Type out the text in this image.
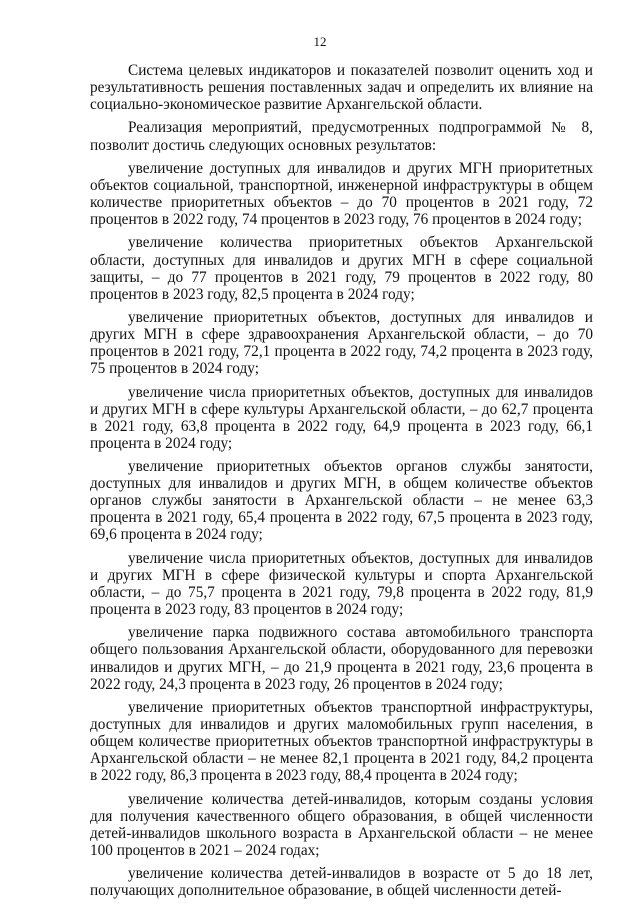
12

Система целевых индикаторов и показателей позволит оценить ход и результативность решения поставленных задач и определить их влияние на социально-экономическое развитие Архангельской области.

Реализация мероприятий, предусмотренных подпрограммой № 8, позволит достичь следующих основных результатов:

увеличение доступных для инвалидов и других МГН приоритетных объектов социальной, транспортной, инженерной инфраструктуры в общем количестве приоритетных объектов – до 70 процентов в 2021 году, 72 процентов в 2022 году, 74 процентов в 2023 году, 76 процентов в 2024 году;

увеличение количества приоритетных объектов Архангельской области, доступных для инвалидов и других МГН в сфере социальной защиты, – до 77 процентов в 2021 году, 79 процентов в 2022 году, 80 процентов в 2023 году, 82,5 процента в 2024 году;

увеличение приоритетных объектов, доступных для инвалидов и других МГН в сфере здравоохранения Архангельской области, – до 70 процентов в 2021 году, 72,1 процента в 2022 году, 74,2 процента в 2023 году, 75 процентов в 2024 году;

увеличение числа приоритетных объектов, доступных для инвалидов и других МГН в сфере культуры Архангельской области, – до 62,7 процента в 2021 году, 63,8 процента в 2022 году, 64,9 процента в 2023 году, 66,1 процента в 2024 году;

увеличение приоритетных объектов органов службы занятости, доступных для инвалидов и других МГН, в общем количестве объектов органов службы занятости в Архангельской области – не менее 63,3 процента в 2021 году, 65,4 процента в 2022 году, 67,5 процента в 2023 году, 69,6 процента в 2024 году;

увеличение числа приоритетных объектов, доступных для инвалидов и других МГН в сфере физической культуры и спорта Архангельской области, – до 75,7 процента в 2021 году, 79,8 процента в 2022 году, 81,9 процента в 2023 году, 83 процентов в 2024 году;

увеличение парка подвижного состава автомобильного транспорта общего пользования Архангельской области, оборудованного для перевозки инвалидов и других МГН, – до 21,9 процента в 2021 году, 23,6 процента в 2022 году, 24,3 процента в 2023 году, 26 процентов в 2024 году;

увеличение приоритетных объектов транспортной инфраструктуры, доступных для инвалидов и других маломобильных групп населения, в общем количестве приоритетных объектов транспортной инфраструктуры в Архангельской области – не менее 82,1 процента в 2021 году, 84,2 процента в 2022 году, 86,3 процента в 2023 году, 88,4 процента в 2024 году;

увеличение количества детей-инвалидов, которым созданы условия для получения качественного общего образования, в общей численности детей-инвалидов школьного возраста в Архангельской области – не менее 100 процентов в 2021 – 2024 годах;

увеличение количества детей-инвалидов в возрасте от 5 до 18 лет, получающих дополнительное образование, в общей численности детей-
